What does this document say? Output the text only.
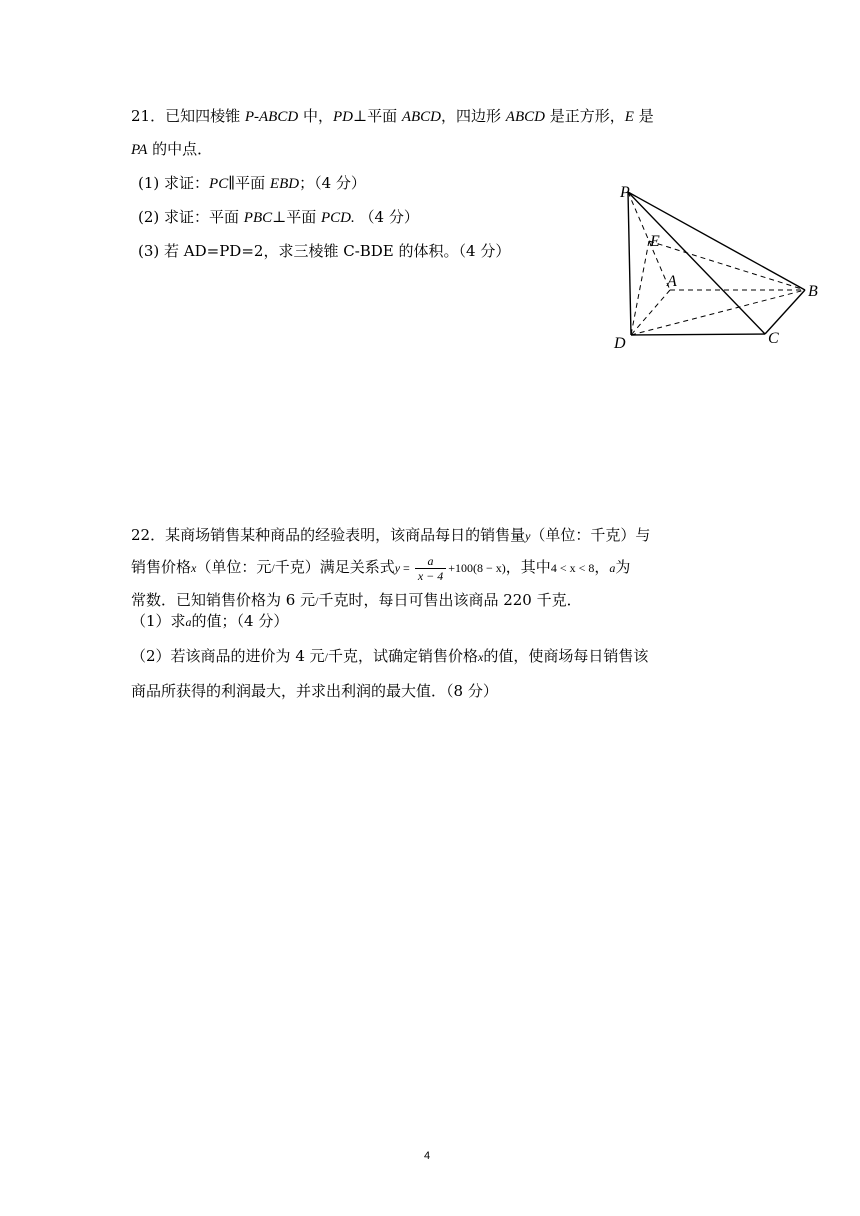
21．已知四棱锥 P-ABCD 中，PD⊥平面 ABCD，四边形 ABCD 是正方形，E 是
PA 的中点．
(1) 求证：PC∥平面 EBD；（4 分）
(2) 求证：平面 PBC⊥平面 PCD. （4 分）
(3) 若 AD=PD=2，求三棱锥 C-BDE 的体积。（4 分）
P
E
A
B
C
D
22．某商场销售某种商品的经验表明，该商品每日的销售量y（单位：千克）与
销售价格x（单位：元/千克）满足关系式$y = \frac{a}{x - 4} +100(8 - x)$，其中4 < x < 8，a为
常数．已知销售价格为 6 元/千克时，每日可售出该商品 220 千克．
（1）求a的值；（4 分）
（2）若该商品的进价为 4 元/千克，试确定销售价格x的值，使商场每日销售该
商品所获得的利润最大，并求出利润的最大值．（8 分）
4
